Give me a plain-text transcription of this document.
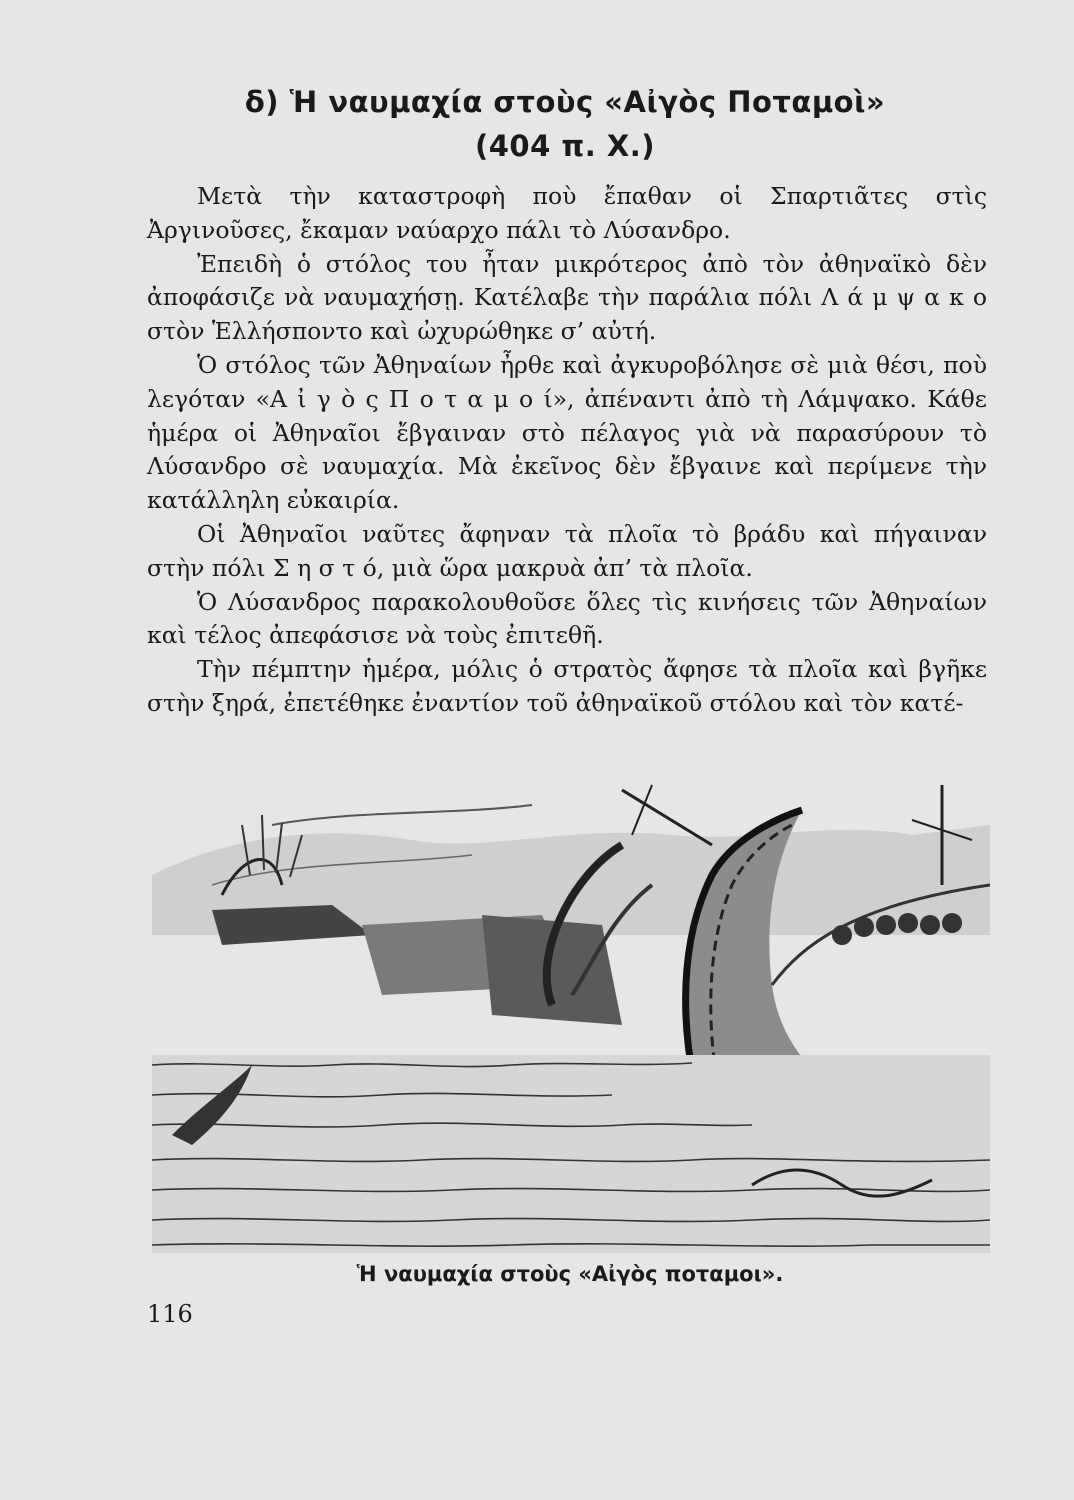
δ) Ἡ ναυμαχία στοὺς «Αἰγὸς Ποταμοὶ»
(404 π. Χ.)

Μετὰ τὴν καταστροφὴ ποὺ ἔπαθαν οἱ Σπαρτιᾶτες στὶς Ἀργινοῦσες, ἔκαμαν ναύαρχο πάλι τὸ Λύσανδρο.

Ἐπειδὴ ὁ στόλος του ἦταν μικρότερος ἀπὸ τὸν ἀθηναϊκὸ δὲν ἀποφάσιζε νὰ ναυμαχήσῃ. Κατέλαβε τὴν παράλια πόλι Λ ά μ ψ α κ ο στὸν Ἑλλήσποντο καὶ ὠχυρώθηκε σ’ αὐτή.

Ὁ στόλος τῶν Ἀθηναίων ἦρθε καὶ ἀγκυροβόλησε σὲ μιὰ θέσι, ποὺ λεγόταν «Α ἰ γ ὸ ς Π ο τ α μ ο ί», ἀπέναντι ἀπὸ τὴ Λάμψακο. Κάθε ἡμέρα οἱ Ἀθηναῖοι ἔβγαιναν στὸ πέλαγος γιὰ νὰ παρασύρουν τὸ Λύσανδρο σὲ ναυμαχία. Μὰ ἐκεῖνος δὲν ἔβγαινε καὶ περίμενε τὴν κατάλληλη εὐκαιρία.

Οἱ Ἀθηναῖοι ναῦτες ἄφηναν τὰ πλοῖα τὸ βράδυ καὶ πήγαιναν στὴν πόλι Σ η σ τ ό, μιὰ ὥρα μακρυὰ ἀπ’ τὰ πλοῖα.

Ὁ Λύσανδρος παρακολουθοῦσε ὅλες τὶς κινήσεις τῶν Ἀθηναίων καὶ τέλος ἀπεφάσισε νὰ τοὺς ἐπιτεθῆ.

Τὴν πέμπτην ἡμέρα, μόλις ὁ στρατὸς ἄφησε τὰ πλοῖα καὶ βγῆκε στὴν ξηρά, ἐπετέθηκε ἐναντίον τοῦ ἀθηναϊκοῦ στόλου καὶ τὸν κατέ-

Ἡ ναυμαχία στοὺς «Αἰγὸς ποταμοι».
116
